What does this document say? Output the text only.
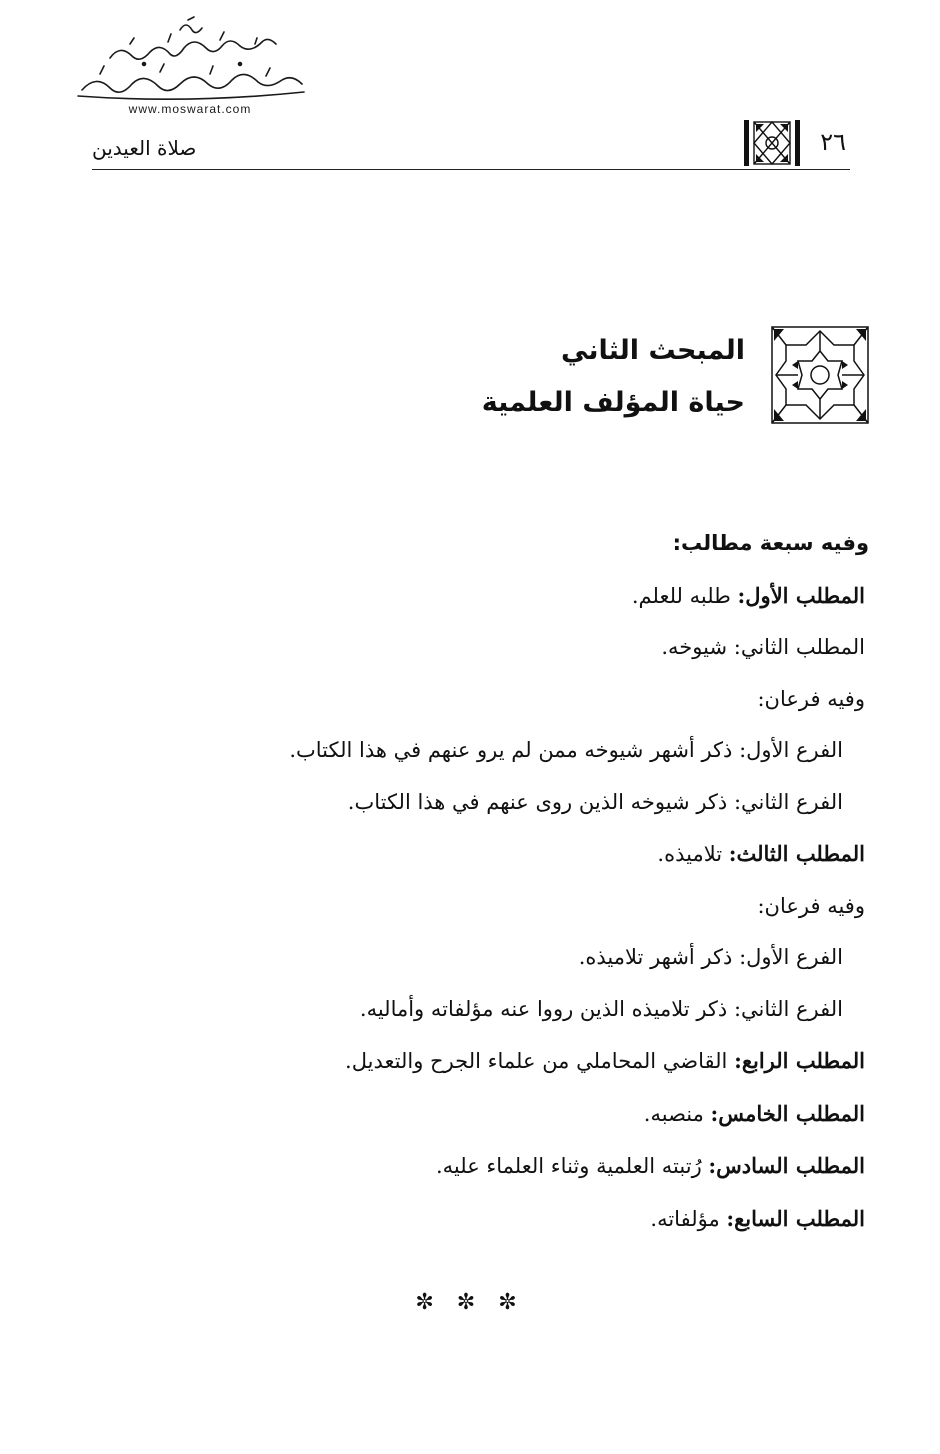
www.moswarat.com
٢٦
صلاة العيدين
المبحث الثاني
حياة المؤلف العلمية
وفيه سبعة مطالب:
المطلب الأول: طلبه للعلم.
المطلب الثاني: شيوخه.
وفيه فرعان:
الفرع الأول: ذكر أشهر شيوخه ممن لم يرو عنهم في هذا الكتاب.
الفرع الثاني: ذكر شيوخه الذين روى عنهم في هذا الكتاب.
المطلب الثالث: تلاميذه.
وفيه فرعان:
الفرع الأول: ذكر أشهر تلاميذه.
الفرع الثاني: ذكر تلاميذه الذين رووا عنه مؤلفاته وأماليه.
المطلب الرابع: القاضي المحاملي من علماء الجرح والتعديل.
المطلب الخامس: منصبه.
المطلب السادس: رُتبته العلمية وثناء العلماء عليه.
المطلب السابع: مؤلفاته.
✼ ✼ ✼
